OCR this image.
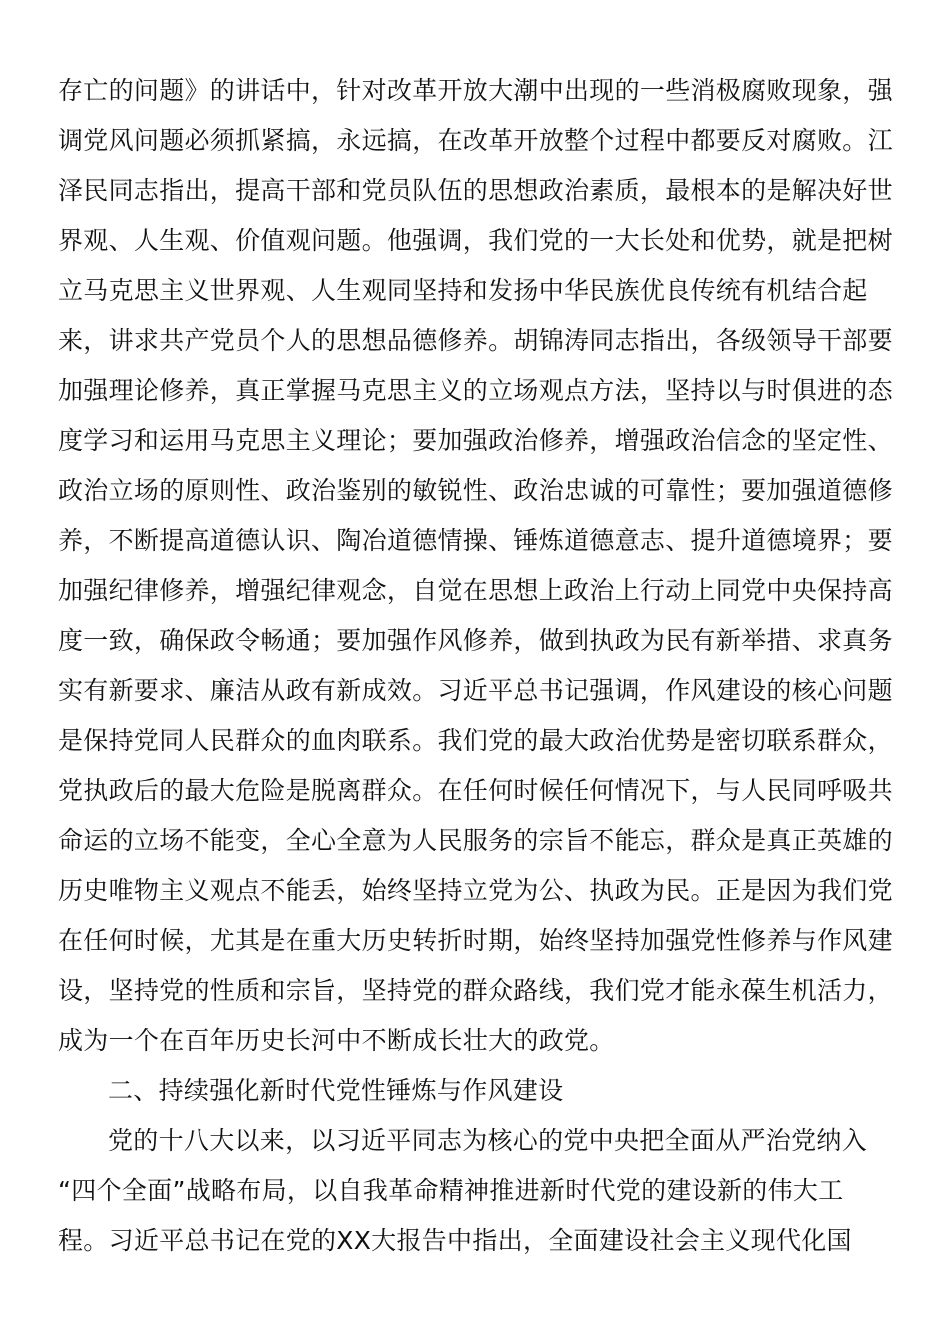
存亡的问题》的讲话中，针对改革开放大潮中出现的一些消极腐败现象，强
调党风问题必须抓紧搞，永远搞，在改革开放整个过程中都要反对腐败。江
泽民同志指出，提高干部和党员队伍的思想政治素质，最根本的是解决好世
界观、人生观、价值观问题。他强调，我们党的一大长处和优势，就是把树
立马克思主义世界观、人生观同坚持和发扬中华民族优良传统有机结合起
来，讲求共产党员个人的思想品德修养。胡锦涛同志指出，各级领导干部要
加强理论修养，真正掌握马克思主义的立场观点方法，坚持以与时俱进的态
度学习和运用马克思主义理论；要加强政治修养，增强政治信念的坚定性、
政治立场的原则性、政治鉴别的敏锐性、政治忠诚的可靠性；要加强道德修
养，不断提高道德认识、陶冶道德情操、锤炼道德意志、提升道德境界；要
加强纪律修养，增强纪律观念，自觉在思想上政治上行动上同党中央保持高
度一致，确保政令畅通；要加强作风修养，做到执政为民有新举措、求真务
实有新要求、廉洁从政有新成效。习近平总书记强调，作风建设的核心问题
是保持党同人民群众的血肉联系。我们党的最大政治优势是密切联系群众，
党执政后的最大危险是脱离群众。在任何时候任何情况下，与人民同呼吸共
命运的立场不能变，全心全意为人民服务的宗旨不能忘，群众是真正英雄的
历史唯物主义观点不能丢，始终坚持立党为公、执政为民。正是因为我们党
在任何时候，尤其是在重大历史转折时期，始终坚持加强党性修养与作风建
设，坚持党的性质和宗旨，坚持党的群众路线，我们党才能永葆生机活力，
成为一个在百年历史长河中不断成长壮大的政党。
二、持续强化新时代党性锤炼与作风建设
党的十八大以来，以习近平同志为核心的党中央把全面从严治党纳入
“四个全面”战略布局，以自我革命精神推进新时代党的建设新的伟大工
程。习近平总书记在党的XX大报告中指出，全面建设社会主义现代化国
